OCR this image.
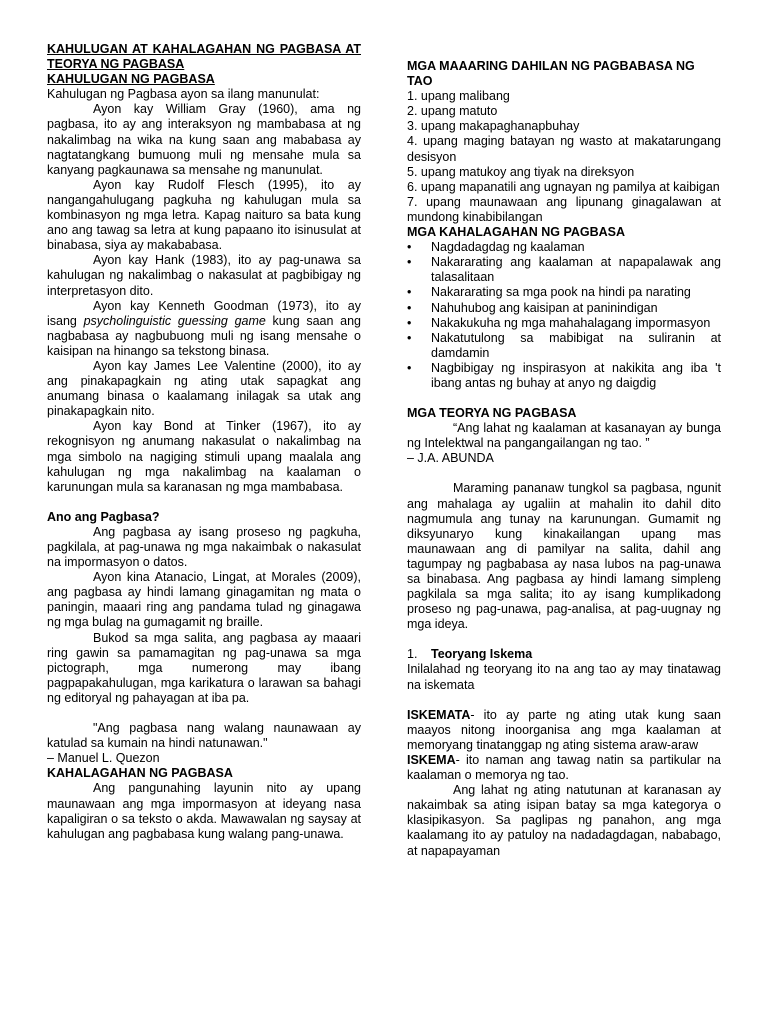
KAHULUGAN AT KAHALAGAHAN NG PAGBASA AT TEORYA NG PAGBASA

KAHULUGAN NG PAGBASA

Kahulugan ng Pagbasa ayon sa ilang manunulat:

Ayon kay William Gray (1960), ama ng pagbasa, ito ay ang interaksyon ng mambabasa at ng nakalimbag na wika na kung saan ang mababasa ay nagtatangkang bumuong muli ng mensahe mula sa kanyang pagkaunawa sa mensahe ng manunulat.

Ayon kay Rudolf Flesch (1995), ito ay nangangahulugang pagkuha ng kahulugan mula sa kombinasyon ng mga letra. Kapag naituro sa bata kung ano ang tawag sa letra at kung papaano ito isinusulat at binabasa, siya ay makababasa.

Ayon kay Hank (1983), ito ay pag-unawa sa kahulugan ng nakalimbag o nakasulat at pagbibigay ng interpretasyon dito.

Ayon kay Kenneth Goodman (1973), ito ay isang psycholinguistic guessing game kung saan ang nagbabasa ay nagbubuong muli ng isang mensahe o kaisipan na hinango sa tekstong binasa.

Ayon kay James Lee Valentine (2000), ito ay ang pinakapagkain ng ating utak sapagkat ang anumang binasa o kaalamang inilagak sa utak ang pinakapagkain nito.

Ayon kay Bond at Tinker (1967), ito ay rekognisyon ng anumang nakasulat o nakalimbag na mga simbolo na nagiging stimuli upang maalala ang kahulugan ng mga nakalimbag na kaalaman o karunungan mula sa karanasan ng mga mambabasa.

Ano ang Pagbasa?

Ang pagbasa ay isang proseso ng pagkuha, pagkilala, at pag-unawa ng mga nakaimbak o nakasulat na impormasyon o datos.

Ayon kina Atanacio, Lingat, at Morales (2009), ang pagbasa ay hindi lamang ginagamitan ng mata o paningin, maaari ring ang pandama tulad ng ginagawa ng mga bulag na gumagamit ng braille.

Bukod sa mga salita, ang pagbasa ay maaari ring gawin sa pamamagitan ng pag-unawa sa mga pictograph, mga numerong may ibang pagpapakahulugan, mga karikatura o larawan sa bahagi ng editoryal ng pahayagan at iba pa.

"Ang pagbasa nang walang naunawaan ay katulad sa kumain na hindi natunawan."

– Manuel L. Quezon

KAHALAGAHAN NG PAGBASA

Ang pangunahing layunin nito ay upang maunawaan ang mga impormasyon at ideyang nasa kapaligiran o sa teksto o akda. Mawawalan ng saysay at kahulugan ang pagbabasa kung walang pang-unawa.

MGA MAAARING DAHILAN NG PAGBABASA NG TAO

1. upang malibang

2. upang matuto

3. upang makapaghanapbuhay

4. upang maging batayan ng wasto at makatarungang desisyon

5. upang matukoy ang tiyak na direksyon

6. upang mapanatili ang ugnayan ng pamilya at kaibigan

7. upang maunawaan ang lipunang ginagalawan at mundong kinabibilangan

MGA KAHALAGAHAN NG PAGBASA

• Nagdadagdag ng kaalaman
• Nakararating ang kaalaman at napapalawak ang talasalitaan
• Nakararating sa mga pook na hindi pa narating
• Nahuhubog ang kaisipan at paninindigan
• Nakakukuha ng mga mahahalagang impormasyon
• Nakatutulong sa mabibigat na suliranin at damdamin
• Nagbibigay ng inspirasyon at nakikita ang iba 't ibang antas ng buhay at anyo ng daigdig

MGA TEORYA NG PAGBASA

“Ang lahat ng kaalaman at kasanayan ay bunga ng Intelektwal na pangangailangan ng tao. ”

– J.A. ABUNDA

Maraming pananaw tungkol sa pagbasa, ngunit ang mahalaga ay ugaliin at mahalin ito dahil dito nagmumula ang tunay na karunungan. Gumamit ng diksyunaryo kung kinakailangan upang mas maunawaan ang di pamilyar na salita, dahil ang tagumpay ng pagbabasa ay nasa lubos na pag-unawa sa binabasa. Ang pagbasa ay hindi lamang simpleng pagkilala sa mga salita; ito ay isang kumplikadong proseso ng pag-unawa, pag-analisa, at pag-uugnay ng mga ideya.

1.	Teoryang Iskema

Inilalahad ng teoryang ito na ang tao ay may tinatawag na iskemata

ISKEMATA- ito ay parte ng ating utak kung saan maayos nitong inoorganisa ang mga kaalaman at memoryang tinatanggap ng ating sistema araw-araw

ISKEMA- ito naman ang tawag natin sa partikular na kaalaman o memorya ng tao.

Ang lahat ng ating natutunan at karanasan ay nakaimbak sa ating isipan batay sa mga kategorya o klasipikasyon. Sa paglipas ng panahon, ang mga kaalamang ito ay patuloy na nadadagdagan, nababago, at napapayaman
